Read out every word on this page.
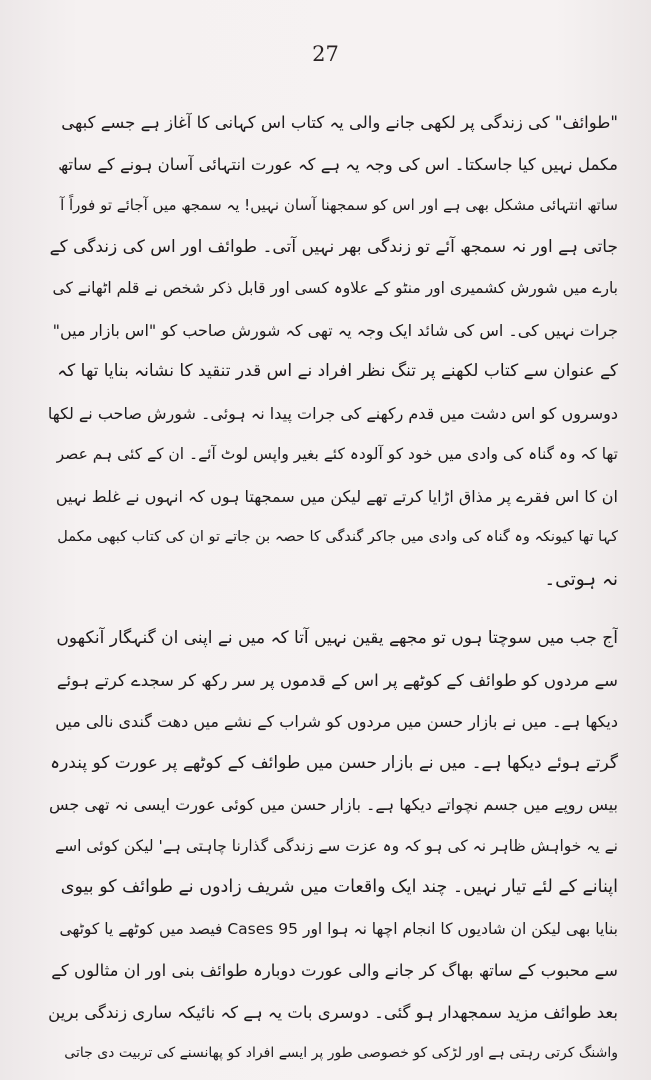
27
"طوائف" کی زندگی پر لکھی جانے والی یہ کتاب اس کہانی کا آغاز ہے جسے کبھی
مکمل نہیں کیا جاسکتا۔ اس کی وجہ یہ ہے کہ عورت انتہائی آسان ہونے کے ساتھ
ساتھ انتہائی مشکل بھی ہے اور اس کو سمجھنا آسان نہیں! یہ سمجھ میں آجائے تو فوراً آ
جاتی ہے اور نہ سمجھ آئے تو زندگی بھر نہیں آتی۔ طوائف اور اس کی زندگی کے
بارے میں شورش کشمیری اور منٹو کے علاوہ کسی اور قابل ذکر شخص نے قلم اٹھانے کی
جرات نہیں کی۔ اس کی شائد ایک وجہ یہ تھی کہ شورش صاحب کو "اس بازار میں"
کے عنوان سے کتاب لکھنے پر تنگ نظر افراد نے اس قدر تنقید کا نشانہ بنایا تھا کہ
دوسروں کو اس دشت میں قدم رکھنے کی جرات پیدا نہ ہوئی۔ شورش صاحب نے لکھا
تھا کہ وہ گناہ کی وادی میں خود کو آلودہ کئے بغیر واپس لوٹ آئے۔ ان کے کئی ہم عصر
ان کا اس فقرے پر مذاق اڑایا کرتے تھے لیکن میں سمجھتا ہوں کہ انہوں نے غلط نہیں
کہا تھا کیونکہ وہ گناہ کی وادی میں جاکر گندگی کا حصہ بن جاتے تو ان کی کتاب کبھی مکمل
نہ ہوتی۔
آج جب میں سوچتا ہوں تو مجھے یقین نہیں آتا کہ میں نے اپنی ان گنہگار آنکھوں
سے مردوں کو طوائف کے کوٹھے پر اس کے قدموں پر سر رکھ کر سجدے کرتے ہوئے
دیکھا ہے۔ میں نے بازار حسن میں مردوں کو شراب کے نشے میں دھت گندی نالی میں
گرتے ہوئے دیکھا ہے۔ میں نے بازار حسن میں طوائف کے کوٹھے پر عورت کو پندرہ
بیس روپے میں جسم نچواتے دیکھا ہے۔ بازار حسن میں کوئی عورت ایسی نہ تھی جس
نے یہ خواہش ظاہر نہ کی ہو کہ وہ عزت سے زندگی گذارنا چاہتی ہے' لیکن کوئی اسے
اپنانے کے لئے تیار نہیں۔ چند ایک واقعات میں شریف زادوں نے طوائف کو بیوی
بنایا بھی لیکن ان شادیوں کا انجام اچھا نہ ہوا اور Cases 95 فیصد میں کوٹھے یا کوٹھی
سے محبوب کے ساتھ بھاگ کر جانے والی عورت دوبارہ طوائف بنی اور ان مثالوں کے
بعد طوائف مزید سمجھدار ہو گئی۔ دوسری بات یہ ہے کہ نائیکہ ساری زندگی برین
واشنگ کرتی رہتی ہے اور لڑکی کو خصوصی طور پر ایسے افراد کو پھانسنے کی تربیت دی جاتی
